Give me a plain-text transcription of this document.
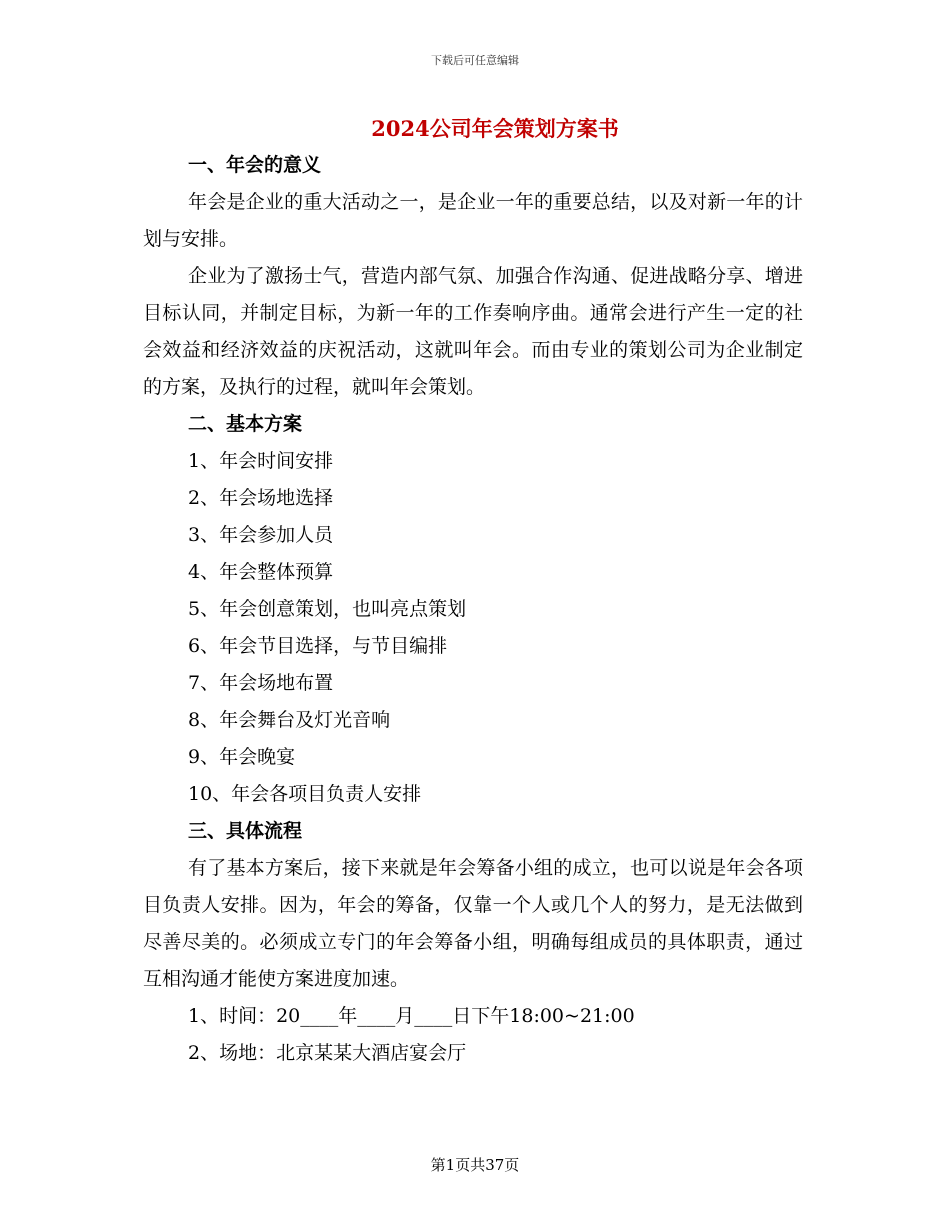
下载后可任意编辑
2024公司年会策划方案书
一、年会的意义

年会是企业的重大活动之一，是企业一年的重要总结，以及对新一年的计划与安排。

企业为了激扬士气，营造内部气氛、加强合作沟通、促进战略分享、增进目标认同，并制定目标，为新一年的工作奏响序曲。通常会进行产生一定的社会效益和经济效益的庆祝活动，这就叫年会。而由专业的策划公司为企业制定的方案，及执行的过程，就叫年会策划。

二、基本方案
1、年会时间安排
2、年会场地选择
3、年会参加人员
4、年会整体预算
5、年会创意策划，也叫亮点策划
6、年会节目选择，与节目编排
7、年会场地布置
8、年会舞台及灯光音响
9、年会晚宴
10、年会各项目负责人安排
三、具体流程

有了基本方案后，接下来就是年会筹备小组的成立，也可以说是年会各项目负责人安排。因为，年会的筹备，仅靠一个人或几个人的努力，是无法做到尽善尽美的。必须成立专门的年会筹备小组，明确每组成员的具体职责，通过互相沟通才能使方案进度加速。

1、时间：20____年____月____日下午18:00~21:00
2、场地：北京某某大酒店宴会厅
第1页共37页
